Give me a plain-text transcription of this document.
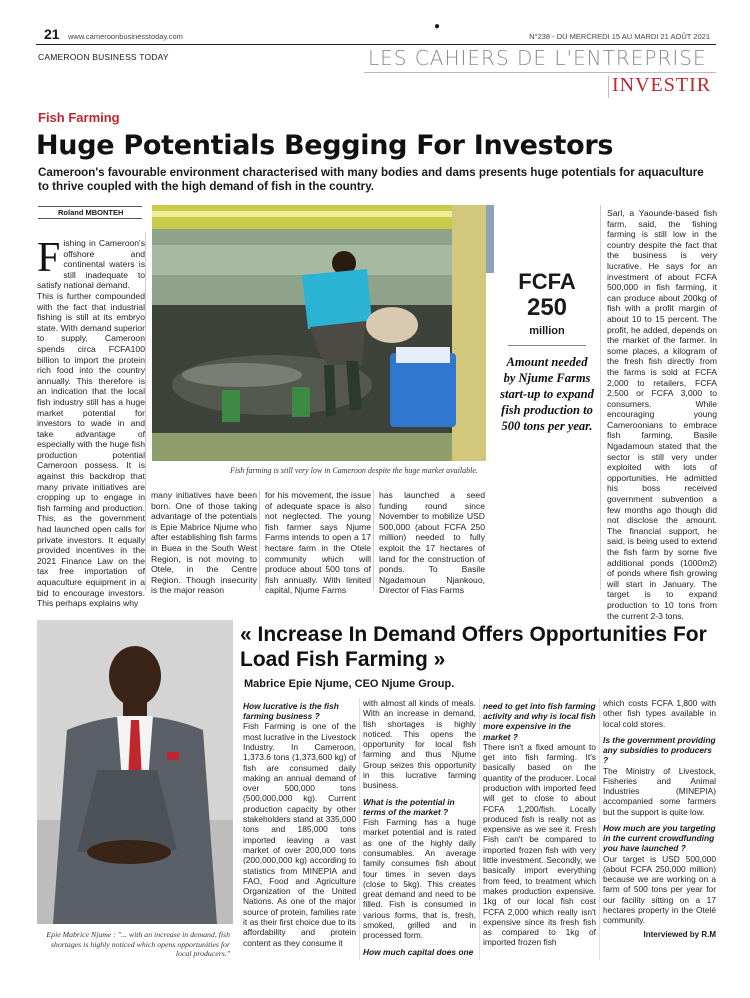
21 www.cameroonbusinesstoday.com
●
N°238 - DU MERCREDI 15 AU MARDI 21 AOÛT 2021
CAMEROON BUSINESS TODAY	LES CAHIERS DE L'ENTREPRISE
INVESTIR
Fish Farming
Huge Potentials Begging For Investors

Cameroon's favourable environment characterised with many bodies and dams presents huge potentials for aquaculture to thrive coupled with the high demand of fish in the country.

Roland MBONTEH
F ishing in Cameroon's offshore and continental waters is still inadequate to satisfy national demand.

This is further compounded with the fact that industrial fishing is still at its embryo state. With demand superior to supply, Cameroon spends circa FCFA100 billion to import the protein rich food into the country annually. This therefore is an indication that the local fish industry still has a huge market potential for investors to wade in and take advantage of especially with the huge fish production potential Cameroon possess. It is against this backdrop that many private initiatives are cropping up to engage in fish farming and production. This, as the government had launched open calls for private investors. It equally provided incentives in the 2021 Finance Law on the tax free importation of aquaculture equipment in a bid to encourage investors. This perhaps explains why

Fish farming is still very low in Cameroon despite the huge market available.

many initiatives have been born. One of those taking advantage of the potentials is Epie Mabrice Njume who after establishing fish farms in Buea in the South West Region, is not moving to Otele, in the Centre Region. Though insecurity is the major reason

for his movement, the issue of adequate space is also not neglected. The young fish farmer says Njume Farms intends to open a 17 hectare farm in the Otele community which will produce about 500 tons of fish annually. With limited capital, Njume Farms

has launched a seed funding round since November to mobilize USD 500,000 (about FCFA 250 million) needed to fully exploit the 17 hectares of land for the construction of ponds. To Basile Ngadamoun Njankouo, Director of Fias Farms

FCFA
250
million

Amount needed by Njume Farms start-up to expand fish production to 500 tons per year.

Sarl, a Yaounde-based fish farm, said, the fishing farming is still low in the country despite the fact that the business is very lucrative. He says for an investment of about FCFA 500,000 in fish farming, it can produce about 200kg of fish with a profit margin of about 10 to 15 percent. The profit, he added, depends on the market of the farmer. In some places, a kilogram of the fresh fish directly from the farms is sold at FCFA 2,000 to retailers, FCFA 2,500 or FCFA 3,000 to consumers. While encouraging young Cameroonians to embrace fish farming, Basile Ngadamoun stated that the sector is still very under exploited with lots of opportunities. He admitted his boss received government subvention a few months ago though did not disclose the amount. The financial support, he said, is being used to extend the fish farm by some five additional ponds (1000m2) of ponds where fish growing will start in January. The target is to expand production to 10 tons from the current 2-3 tons.

Epie Mabrice Njume : "... with an increase in demand, fish shortages is highly noticed which opens opportunities for local producers."

« Increase In Demand Offers Opportunities For Load Fish Farming »
Mabrice Epie Njume, CEO Njume Group.

How lucrative is the fish farming business ?

Fish Farming is one of the most lucrative in the Livestock Industry. In Cameroon, 1,373.6 tons (1,373,600 kg) of fish are consumed daily making an annual demand of over 500,000 tons (500,000,000 kg). Current production capacity by other stakeholders stand at 335,000 tons and 185,000 tons imported leaving a vast market of over 200,000 tons (200,000,000 kg) according to statistics from MINEPIA and FAO, Food and Agriculture Organization of the United Nations. As one of the major source of protein, families rate it as their first choice due to its affordability and protein content as they consume it

with almost all kinds of meals. With an increase in demand, fish shortages is highly noticed. This opens the opportunity for local fish farming and thus Njume Group seizes this opportunity in this lucrative farming business.

What is the potential in terms of the market ?

Fish Farming has a huge market potential and is rated as one of the highly daily consumables. An average family consumes fish about four times in seven days (close to 5kg). This creates great demand and need to be filled. Fish is consumed in various forms, that is, fresh, smoked, grilled and in processed form.

How much capital does one

need to get into fish farming activity and why is local fish more expensive in the market ?

There isn't a fixed amount to get into fish farming. It's basically based on the quantity of the producer. Local production with imported feed will get to close to about FCFA 1,200/fish. Locally produced fish is really not as expensive as we see it. Fresh Fish can't be compared to imported frozen fish with very little investment. Secondly, we basically import everything from feed, to treatment which makes production expensive. 1kg of our local fish cost FCFA 2,000 which really isn't expensive since its fresh fish as compared to 1kg of imported frozen fish

which costs FCFA 1,800 with other fish types available in local cold stores.

Is the government providing any subsidies to producers ?

The Ministry of Livestock, Fisheries and Animal Industries (MINEPIA) accompanied some farmers but the support is quite low.

How much are you targeting in the current crowdfunding you have launched ?

Our target is USD 500,000 (about FCFA 250,000 million) because we are working on a farm of 500 tons per year for our facility sitting on a 17 hectares property in the Otelé community.

Interviewed by R.M
